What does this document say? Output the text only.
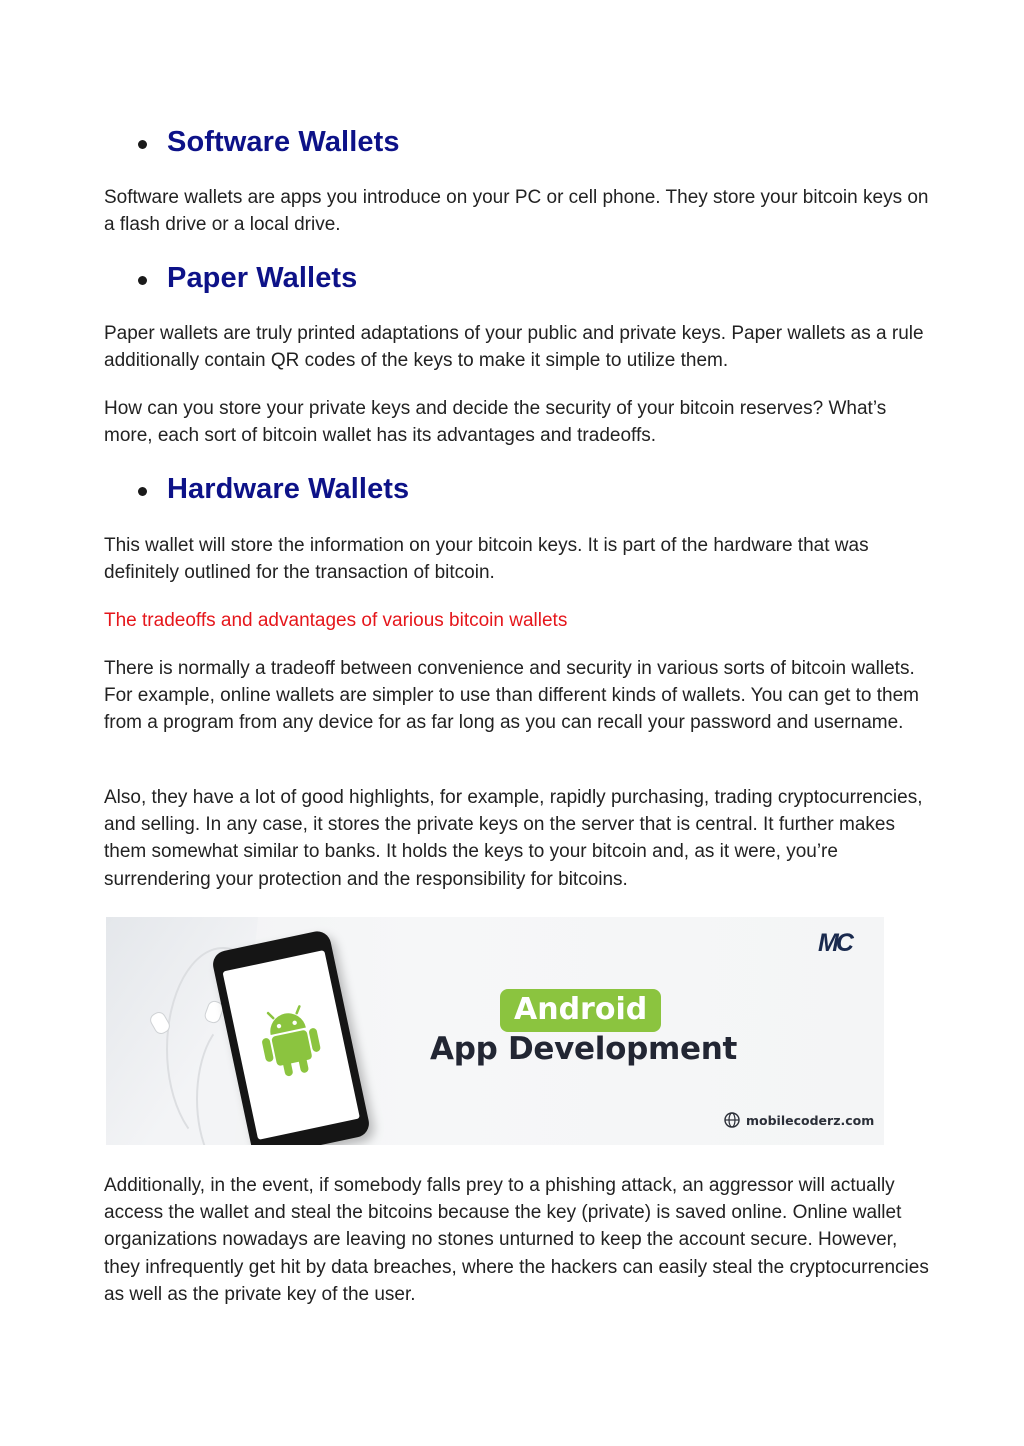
Software Wallets

Software wallets are apps you introduce on your PC or cell phone. They store your bitcoin keys on a flash drive or a local drive.

Paper Wallets

Paper wallets are truly printed adaptations of your public and private keys. Paper wallets as a rule additionally contain QR codes of the keys to make it simple to utilize them.

How can you store your private keys and decide the security of your bitcoin reserves? What’s more, each sort of bitcoin wallet has its advantages and tradeoffs.

Hardware Wallets

This wallet will store the information on your bitcoin keys. It is part of the hardware that was definitely outlined for the transaction of bitcoin.

The tradeoffs and advantages of various bitcoin wallets

There is normally a tradeoff between convenience and security in various sorts of bitcoin wallets. For example, online wallets are simpler to use than different kinds of wallets. You can get to them from a program from any device for as far long as you can recall your password and username.

Also, they have a lot of good highlights, for example, rapidly purchasing, trading cryptocurrencies, and selling. In any case, it stores the private keys on the server that is central. It further makes them somewhat similar to banks. It holds the keys to your bitcoin and, as it were, you’re surrendering your protection and the responsibility for bitcoins.

MC
Android
App Development
mobilecoderz.com

Additionally, in the event, if somebody falls prey to a phishing attack, an aggressor will actually access the wallet and steal the bitcoins because the key (private) is saved online. Online wallet organizations nowadays are leaving no stones unturned to keep the account secure. However, they infrequently get hit by data breaches, where the hackers can easily steal the cryptocurrencies as well as the private key of the user.
